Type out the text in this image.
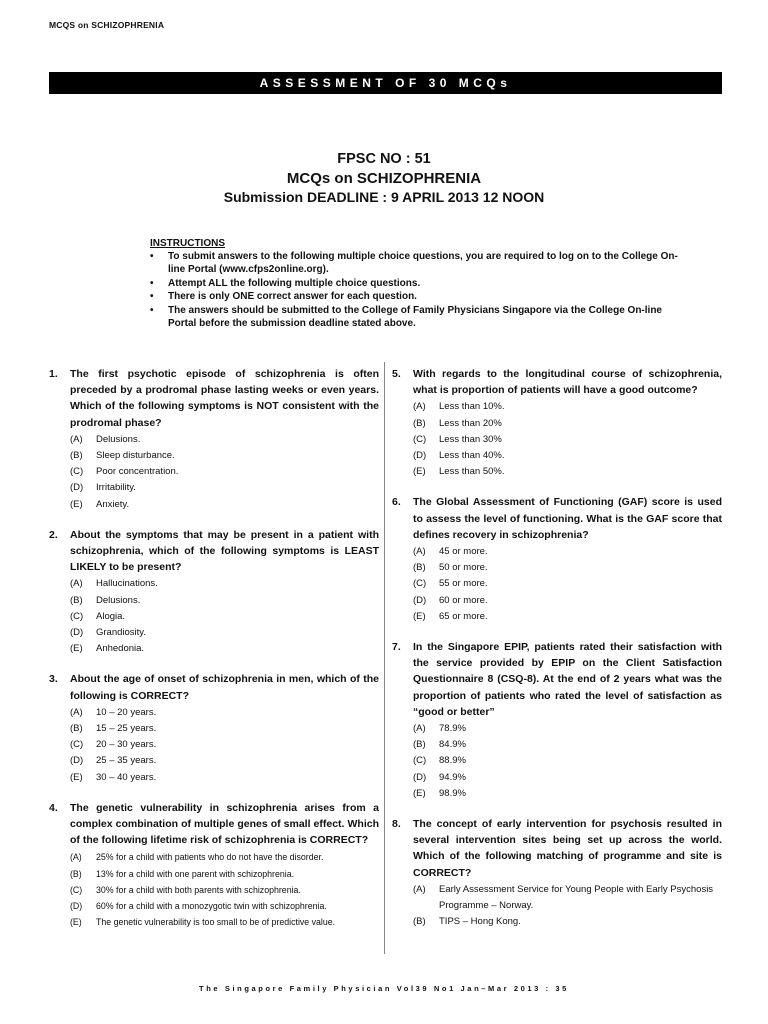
MCQS on SCHIZOPHRENIA
ASSESSMENT OF 30 MCQs
FPSC NO : 51
MCQs on SCHIZOPHRENIA
Submission DEADLINE : 9 APRIL 2013 12 NOON
INSTRUCTIONS
• To submit answers to the following multiple choice questions, you are required to log on to the College On-line Portal (www.cfps2online.org).
• Attempt ALL the following multiple choice questions.
• There is only ONE correct answer for each question.
• The answers should be submitted to the College of Family Physicians Singapore via the College On-line Portal before the submission deadline stated above.
1. The first psychotic episode of schizophrenia is often preceded by a prodromal phase lasting weeks or even years. Which of the following symptoms is NOT consistent with the prodromal phase?
(A) Delusions.
(B) Sleep disturbance.
(C) Poor concentration.
(D) Irritability.
(E) Anxiety.
2. About the symptoms that may be present in a patient with schizophrenia, which of the following symptoms is LEAST LIKELY to be present?
(A) Hallucinations.
(B) Delusions.
(C) Alogia.
(D) Grandiosity.
(E) Anhedonia.
3. About the age of onset of schizophrenia in men, which of the following is CORRECT?
(A) 10 – 20 years.
(B) 15 – 25 years.
(C) 20 – 30 years.
(D) 25 – 35 years.
(E) 30 – 40 years.
4. The genetic vulnerability in schizophrenia arises from a complex combination of multiple genes of small effect. Which of the following lifetime risk of schizophrenia is CORRECT?
(A) 25% for a child with patients who do not have the disorder.
(B) 13% for a child with one parent with schizophrenia.
(C) 30% for a child with both parents with schizophrenia.
(D) 60% for a child with a monozygotic twin with schizophrenia.
(E) The genetic vulnerability is too small to be of predictive value.
5. With regards to the longitudinal course of schizophrenia, what is proportion of patients will have a good outcome?
(A) Less than 10%.
(B) Less than 20%
(C) Less than 30%
(D) Less than 40%.
(E) Less than 50%.
6. The Global Assessment of Functioning (GAF) score is used to assess the level of functioning. What is the GAF score that defines recovery in schizophrenia?
(A) 45 or more.
(B) 50 or more.
(C) 55 or more.
(D) 60 or more.
(E) 65 or more.
7. In the Singapore EPIP, patients rated their satisfaction with the service provided by EPIP on the Client Satisfaction Questionnaire 8 (CSQ-8). At the end of 2 years what was the proportion of patients who rated the level of satisfaction as “good or better”
(A) 78.9%
(B) 84.9%
(C) 88.9%
(D) 94.9%
(E) 98.9%
8. The concept of early intervention for psychosis resulted in several intervention sites being set up across the world. Which of the following matching of programme and site is CORRECT?
(A) Early Assessment Service for Young People with Early Psychosis Programme – Norway.
(B) TIPS – Hong Kong.
The Singapore Family Physician Vol39 No1 Jan–Mar 2013 : 35
